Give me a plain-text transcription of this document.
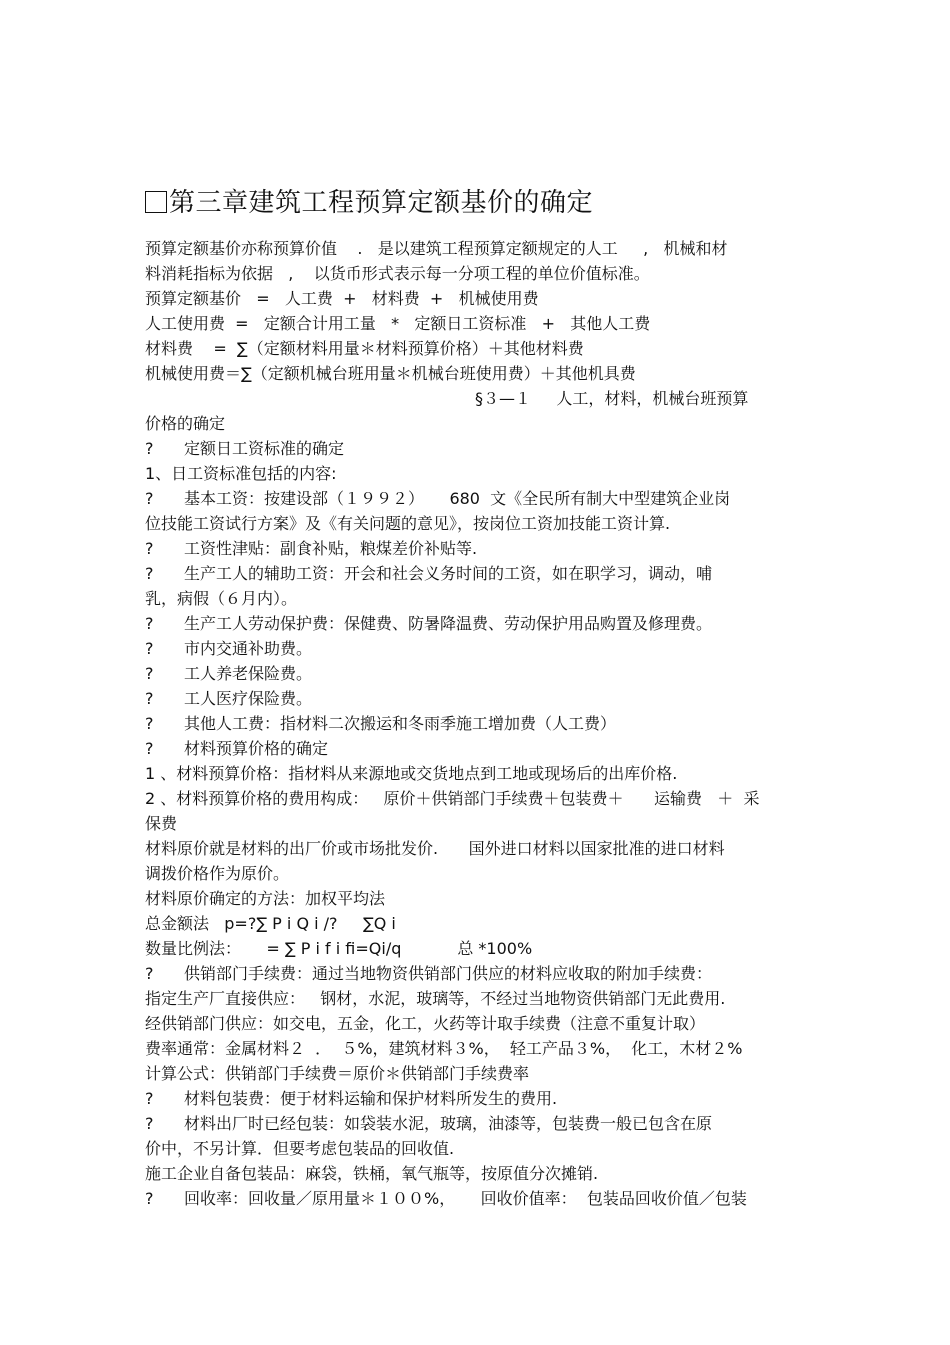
第三章建筑工程预算定额基价的确定
预算定额基价亦称预算价值    .   是以建筑工程预算定额规定的人工     ,   机械和材
料消耗指标为依据   ,    以货币形式表示每一分项工程的单位价值标准。
预算定额基价   =   人工费  +   材料费  +   机械使用费
人工使用费  =   定额合计用工量   *   定额日工资标准   +   其他人工费
材料费    =  ∑（定额材料用量＊材料预算价格）＋其他材料费
机械使用费＝∑（定额机械台班用量＊机械台班使用费）＋其他机具费
§３—１     人工，材料，机械台班预算
价格的确定
?      定额日工资标准的确定
1、日工资标准包括的内容:
?      基本工资：按建设部（１９９２）     680  文《全民所有制大中型建筑企业岗
位技能工资试行方案》及《有关问题的意见》，按岗位工资加技能工资计算.
?      工资性津贴：副食补贴，粮煤差价补贴等.
?      生产工人的辅助工资：开会和社会义务时间的工资，如在职学习，调动，哺
乳，病假（６月内）。
?      生产工人劳动保护费：保健费、防暑降温费、劳动保护用品购置及修理费。
?      市内交通补助费。
?      工人养老保险费。
?      工人医疗保险费。
?      其他人工费：指材料二次搬运和冬雨季施工增加费（人工费）
?      材料预算价格的确定
1 、材料预算价格：指材料从来源地或交货地点到工地或现场后的出库价格.
2 、材料预算价格的费用构成：   原价＋供销部门手续费＋包装费＋      运输费   ＋  采
保费
材料原价就是材料的出厂价或市场批发价.      国外进口材料以国家批准的进口材料
调拨价格作为原价。
材料原价确定的方法：加权平均法
总金额法   p=?∑ P i Q i /?     ∑Q i
数量比例法：     = ∑ P i f i fi=Qi/q           总 *100%
?      供销部门手续费：通过当地物资供销部门供应的材料应收取的附加手续费：
指定生产厂直接供应：   钢材，水泥，玻璃等，不经过当地物资供销部门无此费用.
经供销部门供应：如交电，五金，化工，火药等计取手续费（注意不重复计取）
费率通常：金属材料２  ．  ５%，建筑材料３%，  轻工产品３%，  化工，木材２%
计算公式：供销部门手续费＝原价＊供销部门手续费率
?      材料包装费：便于材料运输和保护材料所发生的费用.
?      材料出厂时已经包装：如袋装水泥，玻璃，油漆等，包装费一般已包含在原
价中，不另计算．但要考虑包装品的回收值.
施工企业自备包装品：麻袋，铁桶，氧气瓶等，按原值分次摊销.
?      回收率：回收量／原用量＊１００%，     回收价值率：  包装品回收价值／包装
